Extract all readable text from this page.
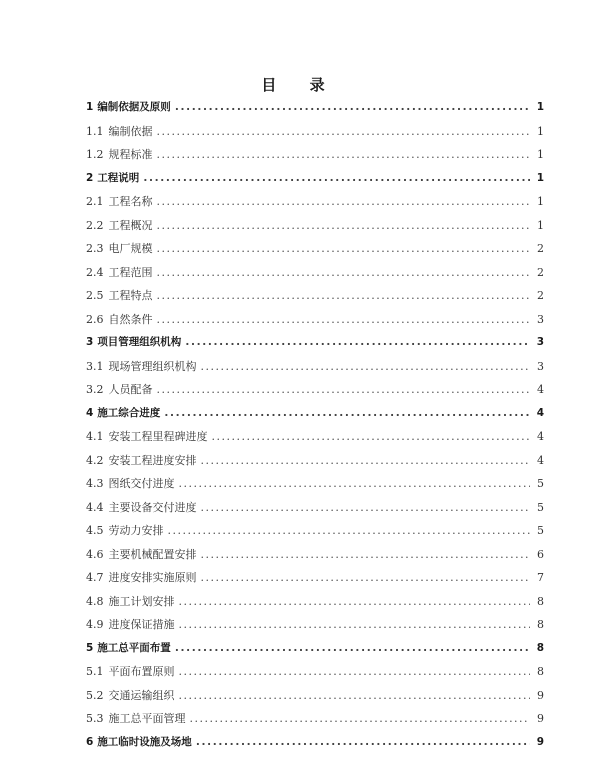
目 录
1 编制依据及原则 . . .	1
1.1 编制依据 . . .	1
1.2 规程标准 . . .	1
2 工程说明 . . .	1
2.1 工程名称 . . .	1
2.2 工程概况 . . .	1
2.3 电厂规模 . . .	2
2.4 工程范围 . . .	2
2.5 工程特点 . . .	2
2.6 自然条件 . . .	3
3 项目管理组织机构 . . .	3
3.1 现场管理组织机构 . . .	3
3.2 人员配备 . . .	4
4 施工综合进度 . . .	4
4.1 安装工程里程碑进度 . . .	4
4.2 安装工程进度安排 . . .	4
4.3 图纸交付进度 . . .	5
4.4 主要设备交付进度 . . .	5
4.5 劳动力安排 . . .	5
4.6 主要机械配置安排 . . .	6
4.7 进度安排实施原则 . . .	7
4.8 施工计划安排 . . .	8
4.9 进度保证措施 . . .	8
5 施工总平面布置 . . .	8
5.1 平面布置原则 . . .	8
5.2 交通运输组织 . . .	9
5.3 施工总平面管理 . . .	9
6 施工临时设施及场地 . . .	9
